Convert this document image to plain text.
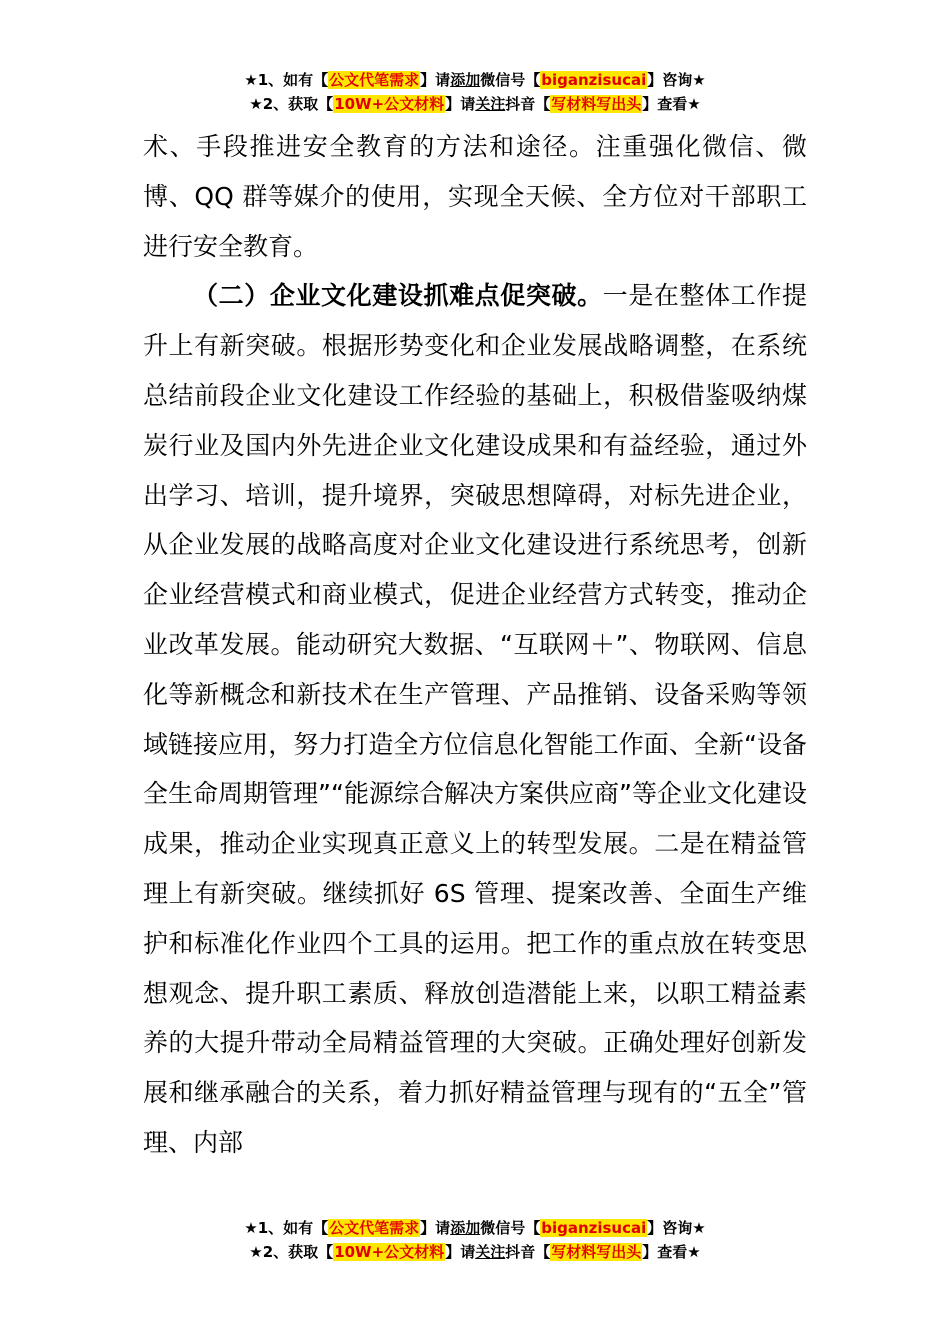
★1、如有【公文代笔需求】请添加微信号【biganzisucai】咨询★
★2、获取【10W+公文材料】请关注抖音【写材料写出头】查看★

术、手段推进安全教育的方法和途径。注重强化微信、微博、QQ 群等媒介的使用，实现全天候、全方位对干部职工进行安全教育。

（二）企业文化建设抓难点促突破。一是在整体工作提升上有新突破。根据形势变化和企业发展战略调整，在系统总结前段企业文化建设工作经验的基础上，积极借鉴吸纳煤炭行业及国内外先进企业文化建设成果和有益经验，通过外出学习、培训，提升境界，突破思想障碍，对标先进企业，从企业发展的战略高度对企业文化建设进行系统思考，创新企业经营模式和商业模式，促进企业经营方式转变，推动企业改革发展。能动研究大数据、“互联网＋”、物联网、信息化等新概念和新技术在生产管理、产品推销、设备采购等领域链接应用，努力打造全方位信息化智能工作面、全新“设备全生命周期管理”“能源综合解决方案供应商”等企业文化建设成果，推动企业实现真正意义上的转型发展。二是在精益管理上有新突破。继续抓好 6S 管理、提案改善、全面生产维护和标准化作业四个工具的运用。把工作的重点放在转变思想观念、提升职工素质、释放创造潜能上来，以职工精益素养的大提升带动全局精益管理的大突破。正确处理好创新发展和继承融合的关系，着力抓好精益管理与现有的“五全”管理、内部

★1、如有【公文代笔需求】请添加微信号【biganzisucai】咨询★
★2、获取【10W+公文材料】请关注抖音【写材料写出头】查看★
